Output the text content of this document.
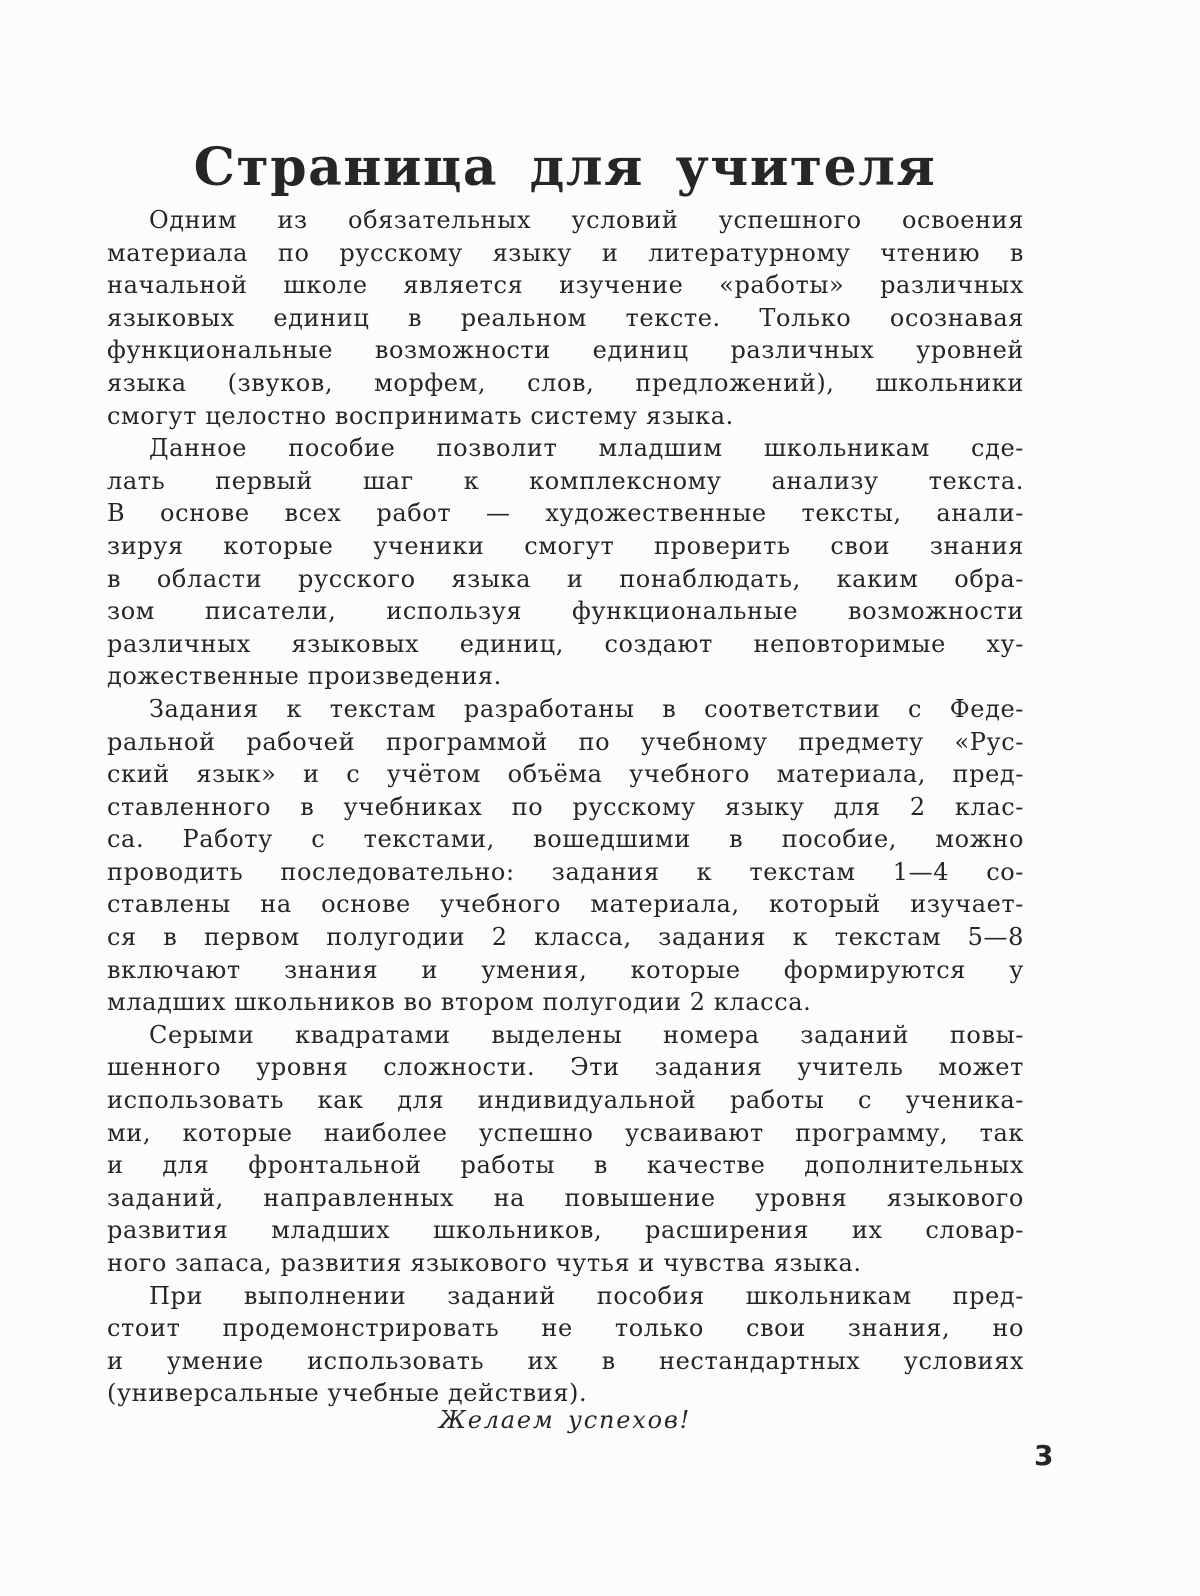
Страница для учителя
Одним из обязательных условий успешного освоения
материала по русскому языку и литературному чтению в
начальной школе является изучение «работы» различных
языковых единиц в реальном тексте. Только осознавая
функциональные возможности единиц различных уровней
языка (звуков, морфем, слов, предложений), школьники
смогут целостно воспринимать систему языка.
Данное пособие позволит младшим школьникам сде-
лать первый шаг к комплексному анализу текста.
В основе всех работ — художественные тексты, анали-
зируя которые ученики смогут проверить свои знания
в области русского языка и понаблюдать, каким обра-
зом писатели, используя функциональные возможности
различных языковых единиц, создают неповторимые ху-
дожественные произведения.
Задания к текстам разработаны в соответствии с Феде-
ральной рабочей программой по учебному предмету «Рус-
ский язык» и с учётом объёма учебного материала, пред-
ставленного в учебниках по русскому языку для 2 клас-
са. Работу с текстами, вошедшими в пособие, можно
проводить последовательно: задания к текстам 1—4 со-
ставлены на основе учебного материала, который изучает-
ся в первом полугодии 2 класса, задания к текстам 5—8
включают знания и умения, которые формируются у
младших школьников во втором полугодии 2 класса.
Серыми квадратами выделены номера заданий повы-
шенного уровня сложности. Эти задания учитель может
использовать как для индивидуальной работы с ученика-
ми, которые наиболее успешно усваивают программу, так
и для фронтальной работы в качестве дополнительных
заданий, направленных на повышение уровня языкового
развития младших школьников, расширения их словар-
ного запаса, развития языкового чутья и чувства языка.
При выполнении заданий пособия школьникам пред-
стоит продемонстрировать не только свои знания, но
и умение использовать их в нестандартных условиях
(универсальные учебные действия).
Желаем успехов!
3
